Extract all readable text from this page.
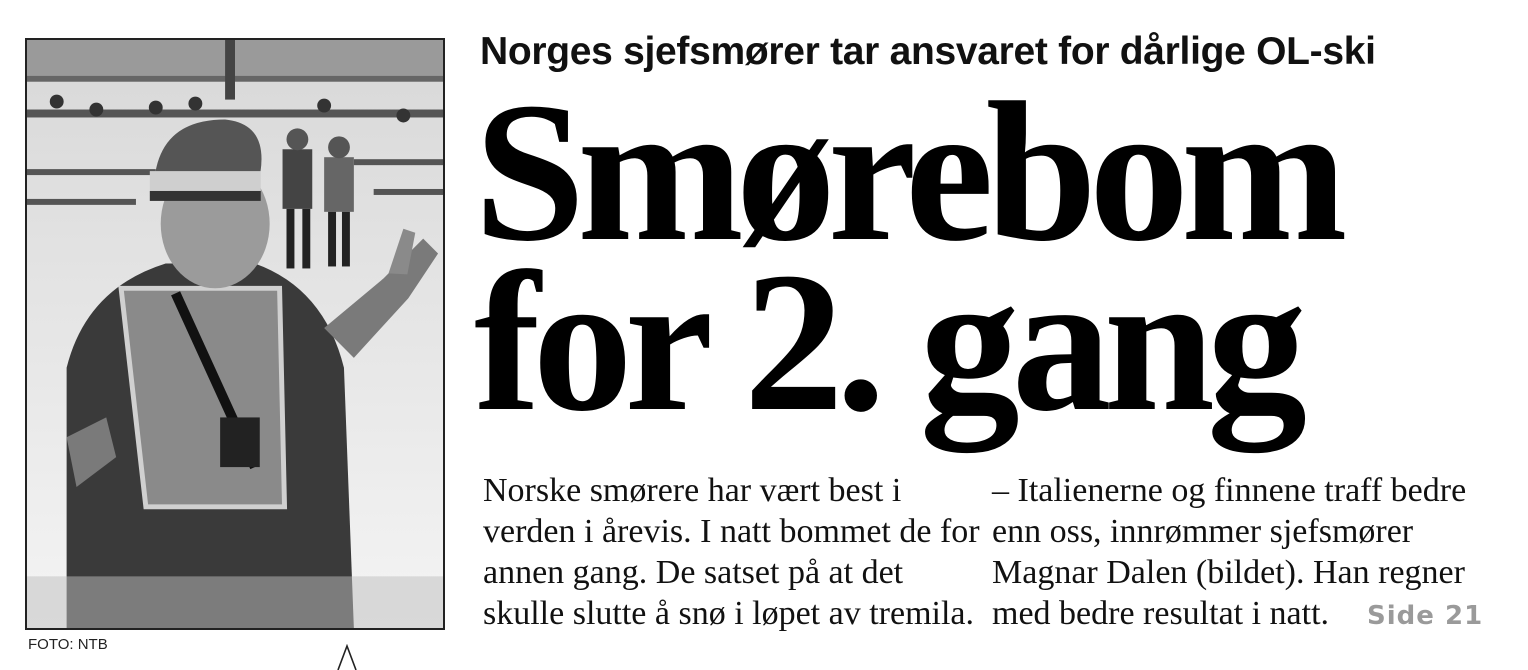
FOTO: NTB
Norges sjefsmører tar ansvaret for dårlige OL-ski
Smørebom
for 2. gang
Norske smørere har vært best i
verden i årevis. I natt bommet de for
annen gang. De satset på at det
skulle slutte å snø i løpet av tremila.
– Italienerne og finnene traff bedre
enn oss, innrømmer sjefsmører
Magnar Dalen (bildet). Han regner
med bedre resultat i natt. Side 21
